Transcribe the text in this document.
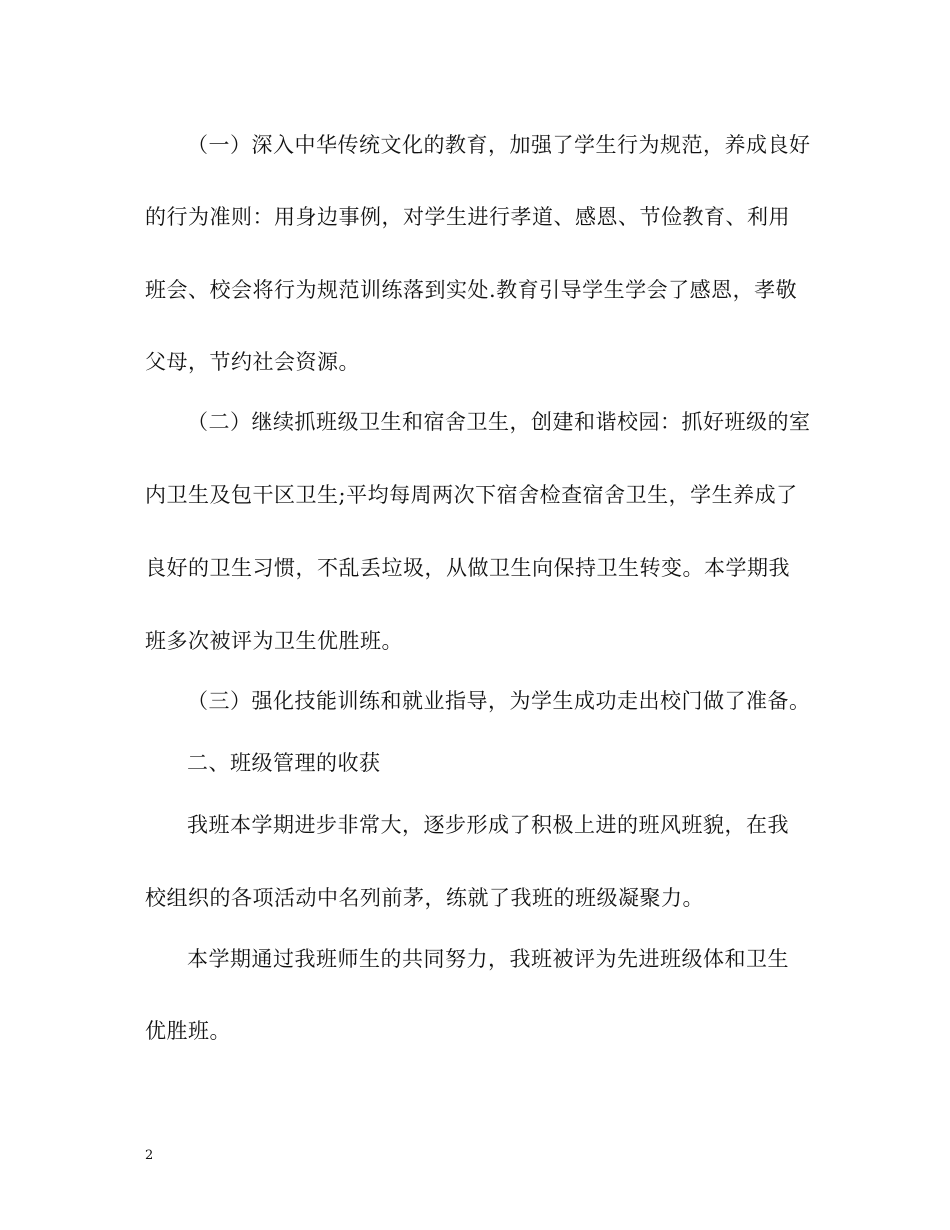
（一）深入中华传统文化的教育，加强了学生行为规范，养成良好
的行为准则：用身边事例，对学生进行孝道、感恩、节俭教育、利用
班会、校会将行为规范训练落到实处.教育引导学生学会了感恩，孝敬
父母，节约社会资源。
（二）继续抓班级卫生和宿舍卫生，创建和谐校园：抓好班级的室
内卫生及包干区卫生;平均每周两次下宿舍检查宿舍卫生，学生养成了
良好的卫生习惯，不乱丢垃圾，从做卫生向保持卫生转变。本学期我
班多次被评为卫生优胜班。
（三）强化技能训练和就业指导，为学生成功走出校门做了准备。
二、班级管理的收获
我班本学期进步非常大，逐步形成了积极上进的班风班貌，在我
校组织的各项活动中名列前茅，练就了我班的班级凝聚力。
本学期通过我班师生的共同努力，我班被评为先进班级体和卫生
优胜班。
2
